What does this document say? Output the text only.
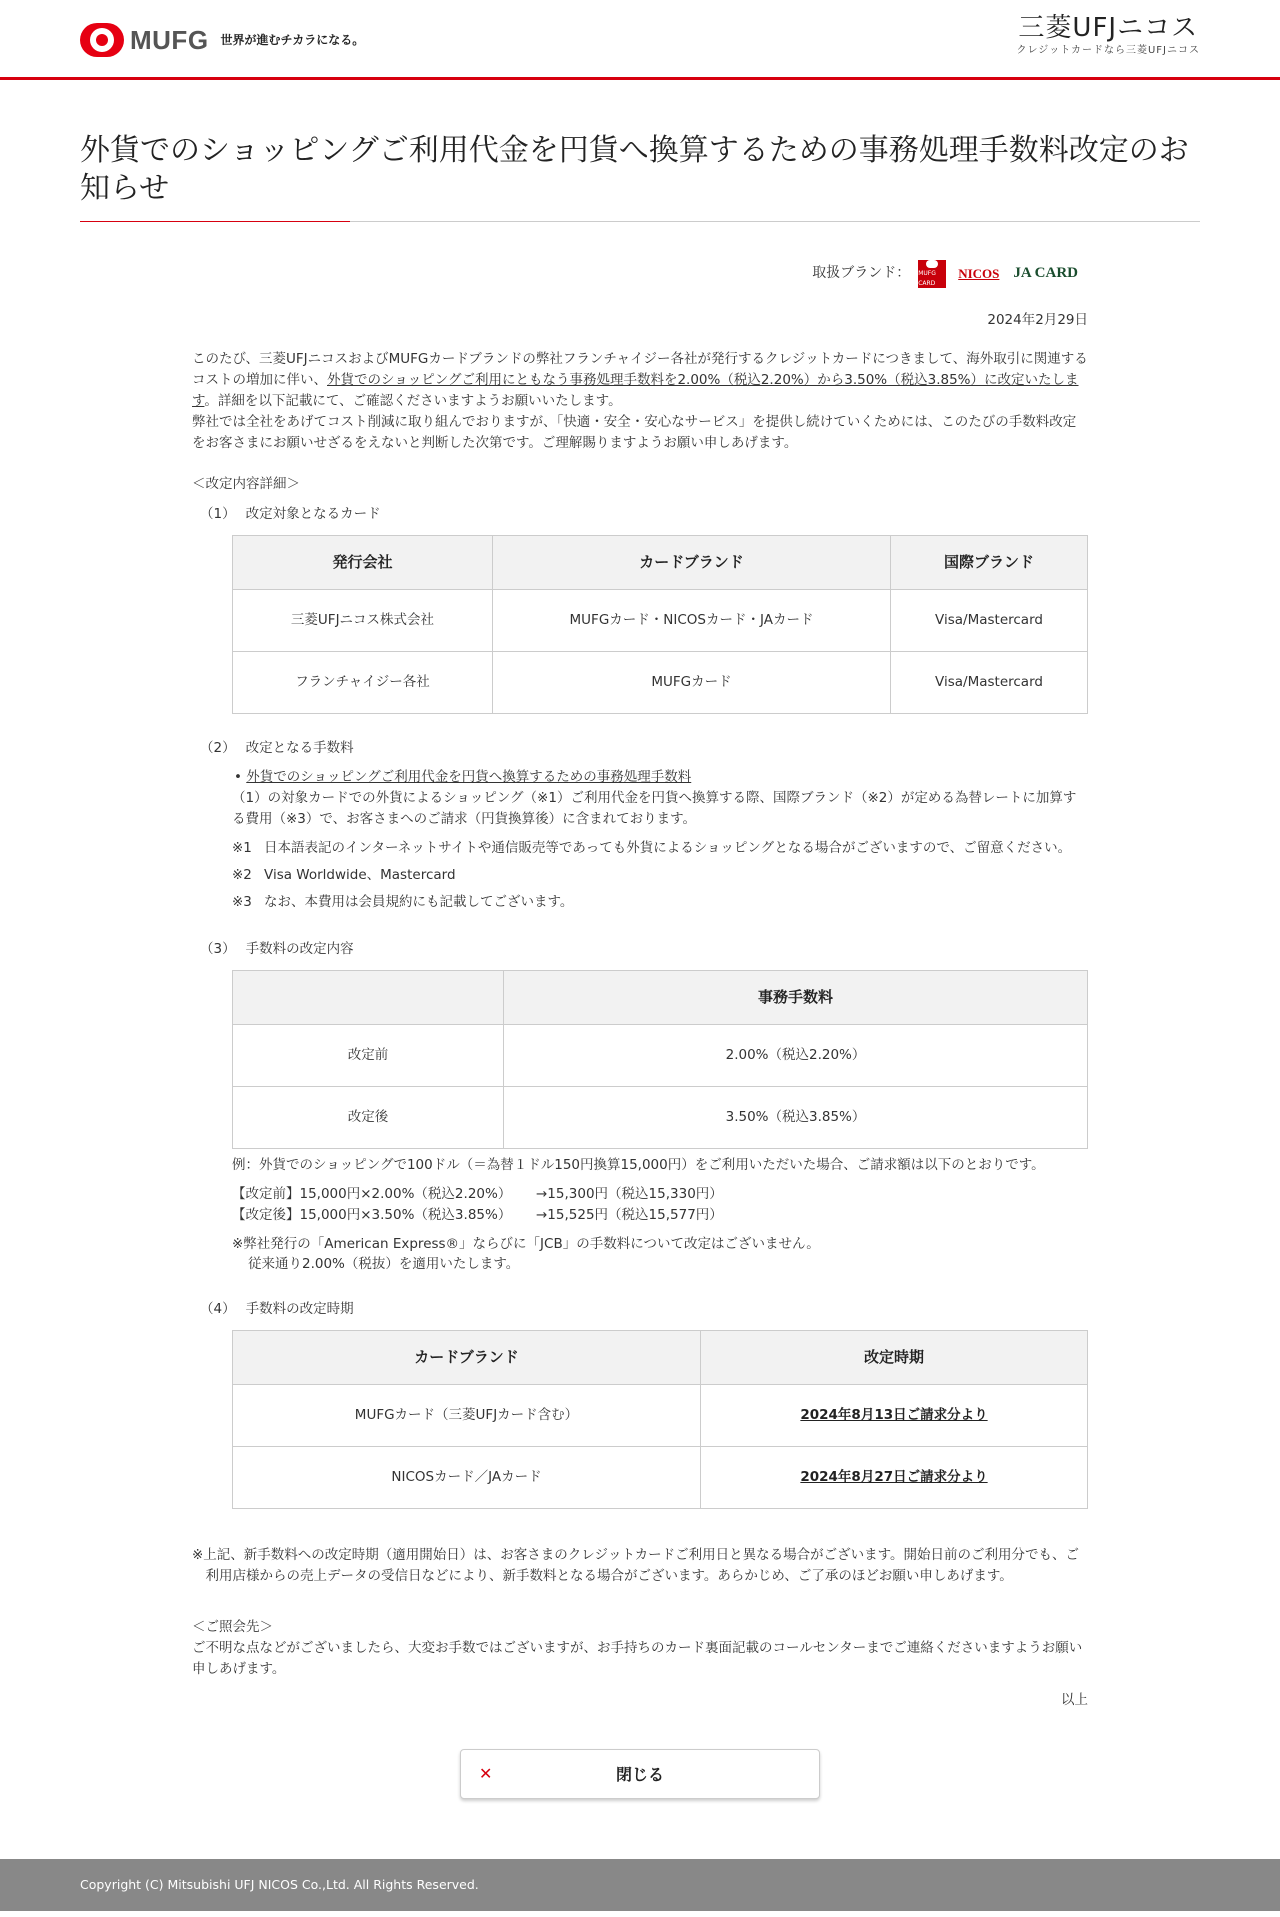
MUFG 世界が進むチカラになる。	三菱UFJニコス
クレジットカードなら三菱UFJニコス
外貨でのショッピングご利用代金を円貨へ換算するための事務処理手数料改定のお知らせ
取扱ブランド： MUFG CARD
NICOS JA CARD
2024年2月29日
このたび、三菱UFJニコスおよびMUFGカードブランドの弊社フランチャイジー各社が発行するクレジットカードにつきまして、海外取引に関連するコストの増加に伴い、外貨でのショッピングご利用にともなう事務処理手数料を2.00%（税込2.20%）から3.50%（税込3.85%）に改定いたします。詳細を以下記載にて、ご確認くださいますようお願いいたします。
弊社では全社をあげてコスト削減に取り組んでおりますが、「快適・安全・安心なサービス」を提供し続けていくためには、このたびの手数料改定をお客さまにお願いせざるをえないと判断した次第です。ご理解賜りますようお願い申しあげます。
＜改定内容詳細＞
（1） 改定対象となるカード
発行会社	カードブランド	国際ブランド
三菱UFJニコス株式会社	MUFGカード・NICOSカード・JAカード	Visa/Mastercard
フランチャイジー各社	MUFGカード	Visa/Mastercard
（2） 改定となる手数料
• 外貨でのショッピングご利用代金を円貨へ換算するための事務処理手数料
（1）の対象カードでの外貨によるショッピング（※1）ご利用代金を円貨へ換算する際、国際ブランド（※2）が定める為替レートに加算する費用（※3）で、お客さまへのご請求（円貨換算後）に含まれております。
※1 日本語表記のインターネットサイトや通信販売等であっても外貨によるショッピングとなる場合がございますので、ご留意ください。
※2 Visa Worldwide、Mastercard
※3 なお、本費用は会員規約にも記載してございます。
（3） 手数料の改定内容
	事務手数料
改定前	2.00%（税込2.20%）
改定後	3.50%（税込3.85%）
例：外貨でのショッピングで100ドル（＝為替１ドル150円換算15,000円）をご利用いただいた場合、ご請求額は以下のとおりです。
【改定前】15,000円×2.00%（税込2.20%）	→15,300円（税込15,330円）
【改定後】15,000円×3.50%（税込3.85%）	→15,525円（税込15,577円）
※弊社発行の「American Express®」ならびに「JCB」の手数料について改定はございません。
従来通り2.00%（税抜）を適用いたします。
（4） 手数料の改定時期
カードブランド	改定時期
MUFGカード（三菱UFJカード含む）	2024年8月13日ご請求分より
NICOSカード／JAカード	2024年8月27日ご請求分より
※上記、新手数料への改定時期（適用開始日）は、お客さまのクレジットカードご利用日と異なる場合がございます。開始日前のご利用分でも、ご利用店様からの売上データの受信日などにより、新手数料となる場合がございます。あらかじめ、ご了承のほどお願い申しあげます。
＜ご照会先＞
ご不明な点などがございましたら、大変お手数ではございますが、お手持ちのカード裏面記載のコールセンターまでご連絡くださいますようお願い申しあげます。
以上
✕	閉じる
Copyright (C) Mitsubishi UFJ NICOS Co.,Ltd. All Rights Reserved.
